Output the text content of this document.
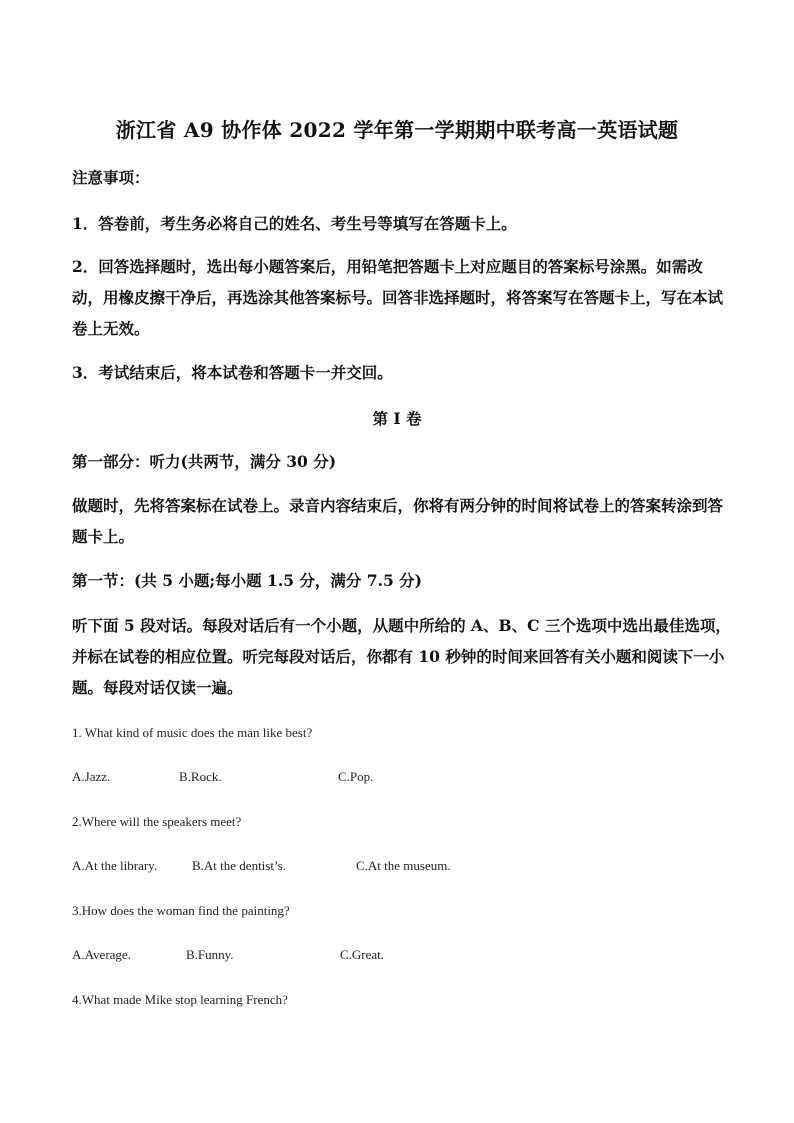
浙江省 A9 协作体 2022 学年第一学期期中联考高一英语试题
注意事项：
1．答卷前，考生务必将自己的姓名、考生号等填写在答题卡上。
2．回答选择题时，选出每小题答案后，用铅笔把答题卡上对应题目的答案标号涂黑。如需改动，用橡皮擦干净后，再选涂其他答案标号。回答非选择题时，将答案写在答题卡上，写在本试卷上无效。
3．考试结束后，将本试卷和答题卡一并交回。
第 I 卷
第一部分：听力(共两节，满分 30 分)
做题时，先将答案标在试卷上。录音内容结束后，你将有两分钟的时间将试卷上的答案转涂到答题卡上。
第一节：(共 5 小题;每小题 1.5 分，满分 7.5 分)
听下面 5 段对话。每段对话后有一个小题，从题中所给的 A、B、C 三个选项中选出最佳选项，并标在试卷的相应位置。听完每段对话后，你都有 10 秒钟的时间来回答有关小题和阅读下一小题。每段对话仅读一遍。
1. What kind of music does the man like best?
A.Jazz.	B.Rock.	C.Pop.
2.Where will the speakers meet?
A.At the library.	B.At the dentist’s.	C.At the museum.
3.How does the woman find the painting?
A.Average.	B.Funny.	C.Great.
4.What made Mike stop learning French?
